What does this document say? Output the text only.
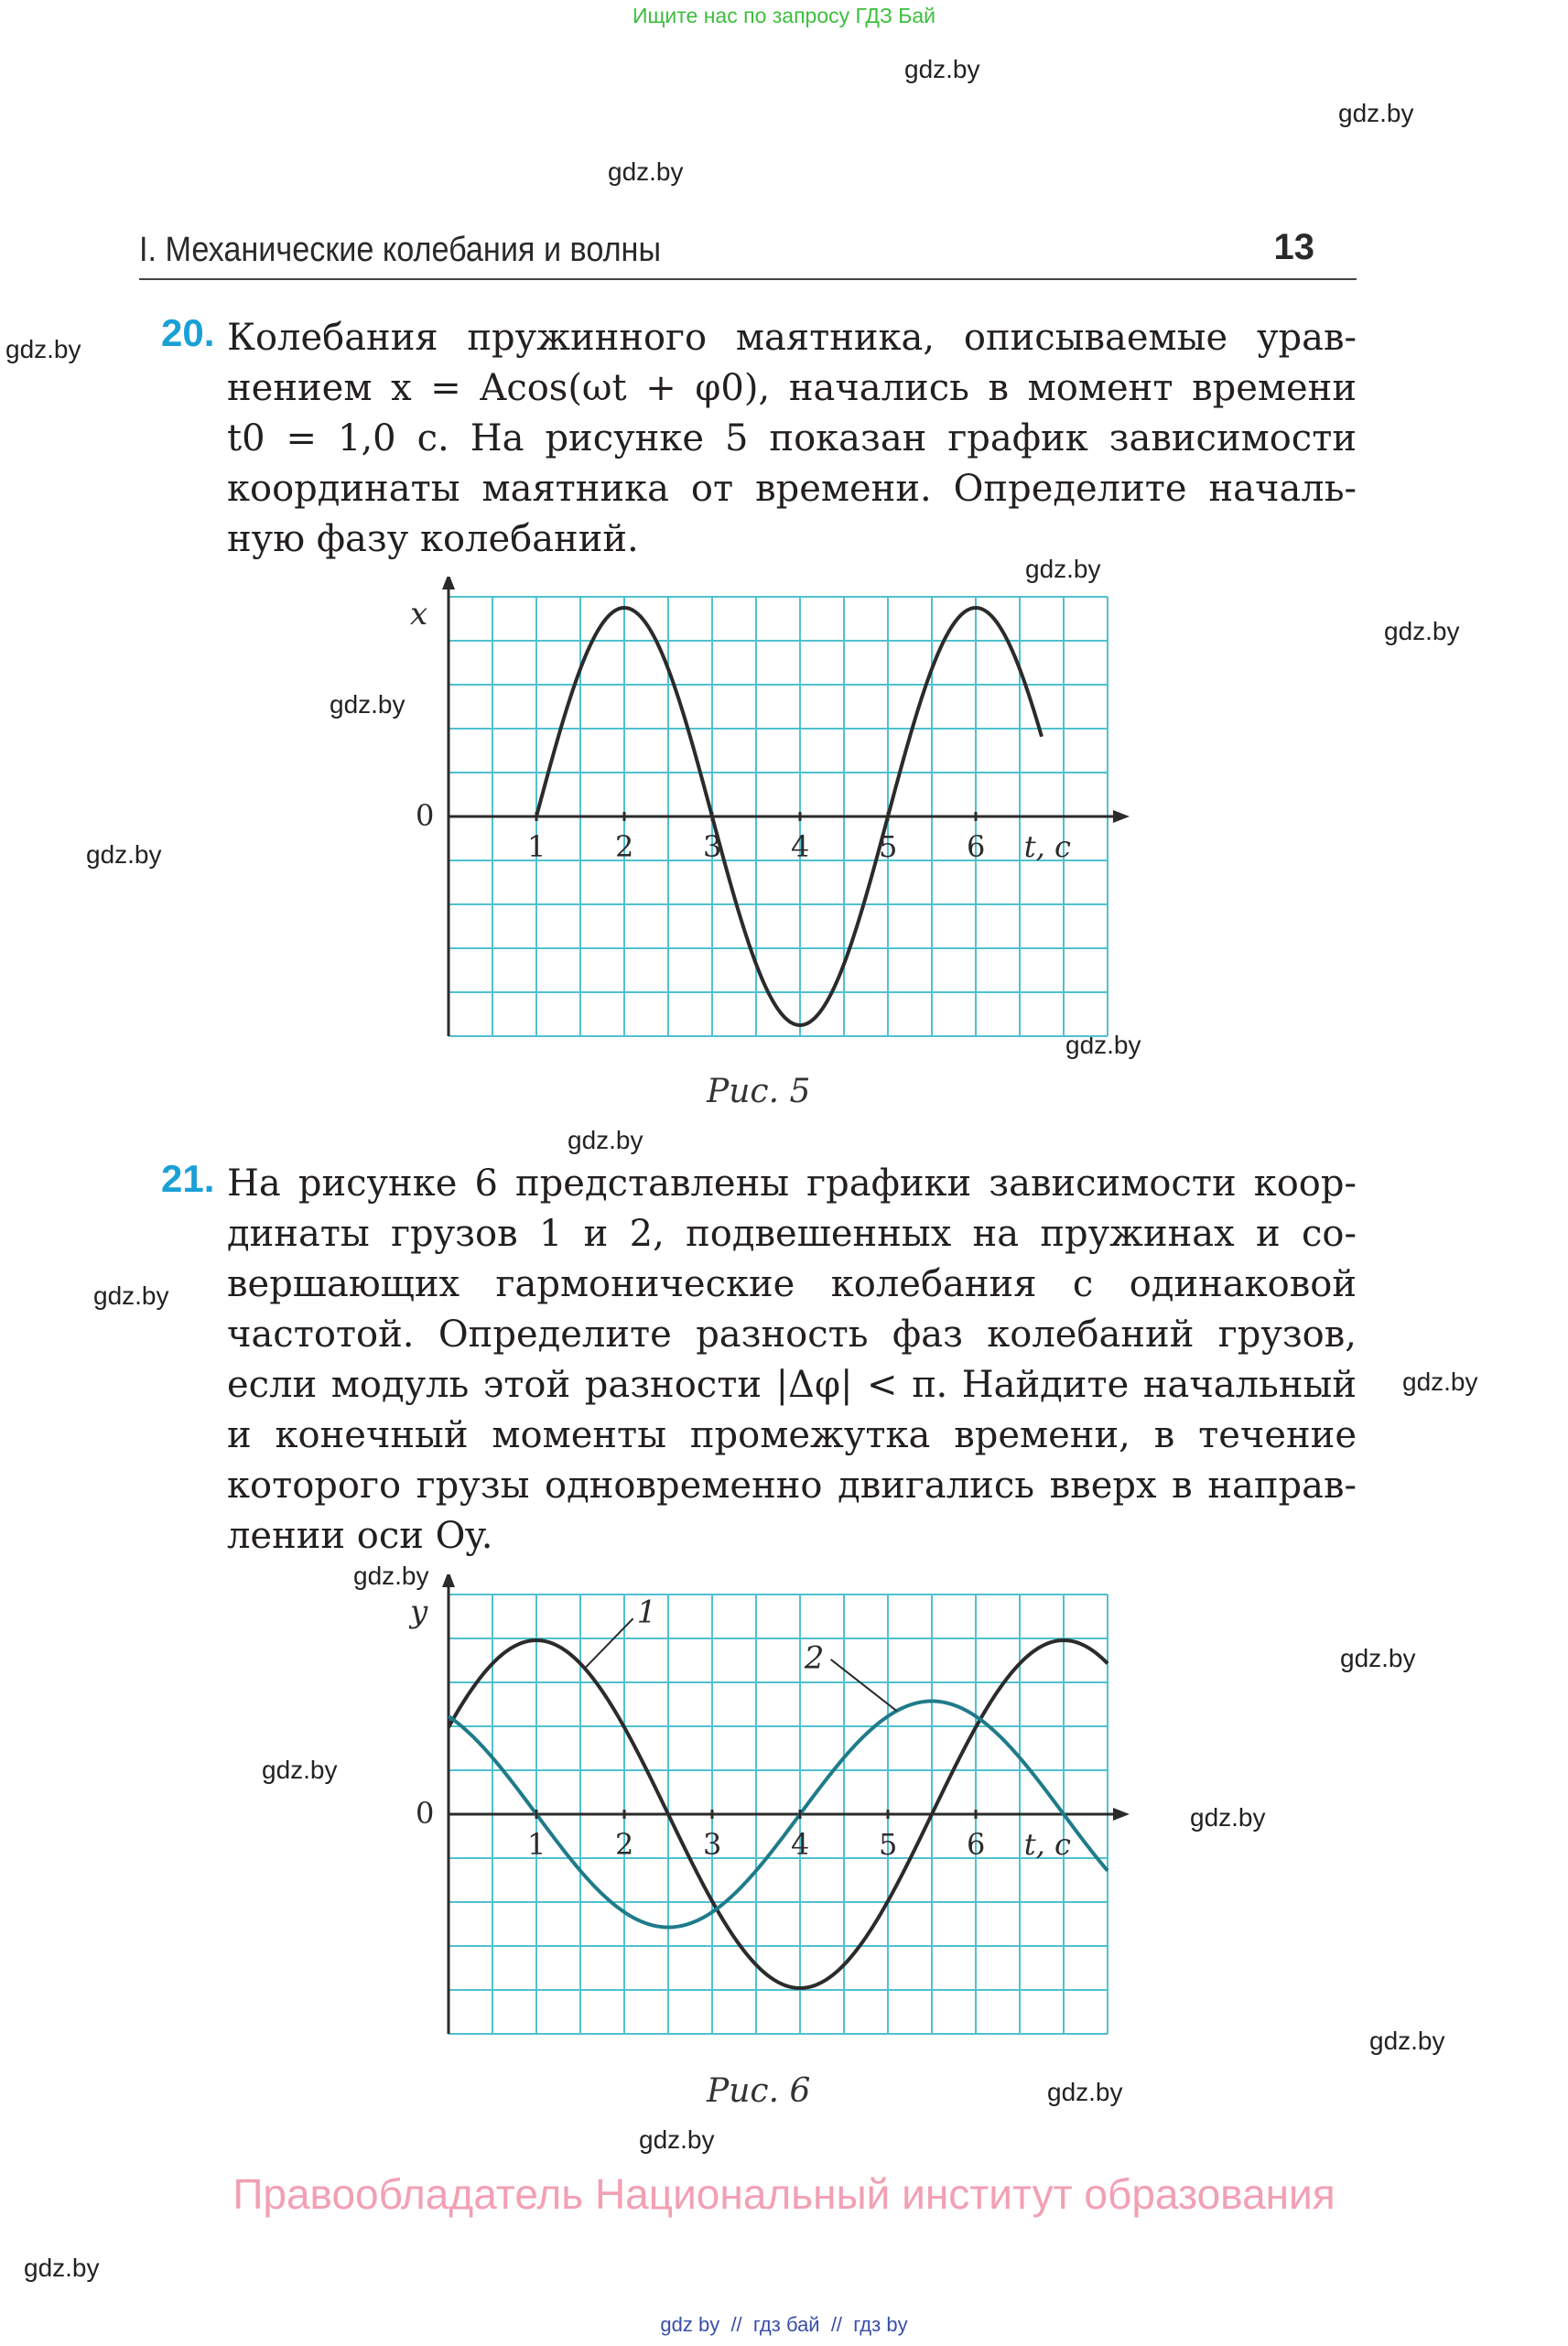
Ищите нас по запросу ГДЗ Бай
gdz.by
gdz.by
gdz.by
gdz.by
gdz.by
gdz.by
gdz.by
gdz.by
gdz.by
gdz.by
gdz.by
gdz.by
gdz.by
gdz.by
gdz.by
gdz.by
gdz.by
gdz.by
gdz.by
gdz.by
I. Механические колебания и волны	13
20. Колебания пружинного маятника, описываемые урав-
нением x = Acos(ωt + φ0), начались в момент времени
t0 = 1,0 с. На рисунке 5 показан график зависимости
координаты маятника от времени. Определите началь-
ную фазу колебаний.
0
1 2 3 4 5 6 t, с
x
Рис. 5
21. На рисунке 6 представлены графики зависимости коор-
динаты грузов 1 и 2, подвешенных на пружинах и со-
вершающих гармонические колебания с одинаковой
частотой. Определите разность фаз колебаний грузов,
если модуль этой разности |Δφ| < π. Найдите начальный
и конечный моменты промежутка времени, в течение
которого грузы одновременно двигались вверх в направ-
лении оси Oy.
1
2
0
1 2 3 4 5 6 t, с
y
Рис. 6
Правообладатель Национальный институт образования
gdz by  //  гдз бай  //  гдз by
